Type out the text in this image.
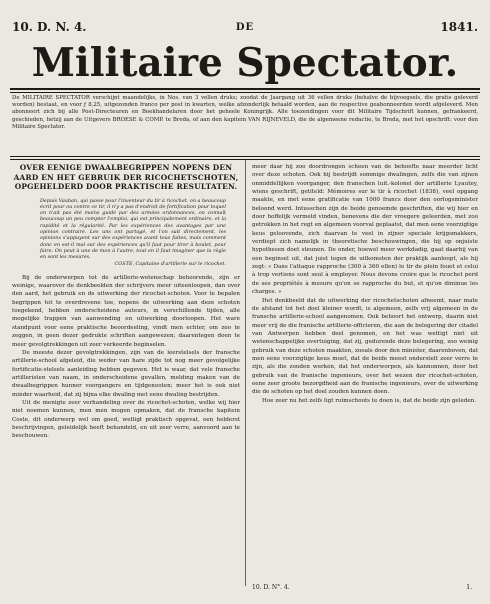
10. D. N. 4.	DE	1841.
Militaire Spectator.
De MILITAIRE SPECTATOR verschijnt maandelijks, in Nos. van 3 vellen druks; zoodat de Jaargang uit 36 vellen druks (behalve de bijvoegsels, die gratis geleverd worden) bestaat, en voor ƒ 8,25, uitgezonden franco per post in kwarten, welke afzonderlijk betaald worden, aan de respective geabonneerden wordt afgeleverd. Men abonneert zich bij alle Post-Directeuren en Boekhandelaren door het geheele Koningrijk. Alle toezendingen voor dit Militaire Tijdschrift kunnen, gefrankeerd, geschieden, hetzij aan de Uitgevers BROESE & COMP. te Breda, of aan den kapitein VAN RIJNEVELD, die de algemeene redactie, te Breda, met het opschrift: voor den Militaire Spectator.
OVER EENIGE DWAALBEGRIPPEN NOPENS DEN AARD EN HET GEBRUIK DER RICOCHETSCHOTEN, OPGEHELDERD DOOR PRAKTISCHE RESULTATEN.
Depuis Vauban, qui passe pour l'inventeur du tir à ricochet, on a beaucoup écrit pour ou contre ce tir, il n'y a pas d'endroit de fortification pour lequel on n'ait pas été moins guidé par des armées ordonnances, on connaît beaucoup un peu compter l'emploi, qui est principalement ordinaire, et la rapidité et la régularité. Par les expériences des avantages par une opinion contraire. Les uns ont partagé, et l'on sait directement, les opinions s'appuyent sur des expériences avant tous faites, mais comment donc en est-il mal sur des expériences qu'il faut pour tirer à boulet, pour faire. On peut à une de mon à l'autre, tout en il faut imaginer que la règle en sont les mesures.
COSTE, Capitaine d'artillerie sur le ricochet.

Bij de onderwerpen tot de artillerie-wetenschap behoorende, zijn er weinige, waarover de denkbeelden der schrijvers meer uiteenloopen, dan over den aard, het gebruik en de uitwerking der ricochet-schoten. Voor te bepalen begrippen tot te overdrevene toe, nopens de uitwerking aan deze schoten toegekend, hebben onderscheidene auteurs, in verschillende tijden, alle mogelijke trappen van aanwending en uitwerking doorloopen. Het ware standpunt voor eene praktische beoordeeling, vindt men echter, om zoo te zeggen, in geen dezer gedrukte schriften aangewezen; daarentegen doen te meer gevolgtrekkingen uit zeer verkeerde beginselen.

De meeste dezer gevolgtrekkingen, zijn van de leerstelsels der fransche artillerie-school afgeleid, die weder van hare zijde tot nog meer gevolgelijke fortificatie-stelsels aanleiding hebben gegeven. Het is waar, dat vele fransche artilleristen van naam, in onderscheidene gevallen, melding maken van de dwaalbegrippen hunner voorgangers en tijdgenooten; meer het is ook niet minder waarheid, dat zij bijna elke dwaling met eene dwaling bestrijden.

Uit de menigte zeer verhandeling over de ricochet-schoten, welke wij hier niet noemen kunnen, men men mogen opmaken, dat de fransche kapitein Coste, dit onderwerp wel om goed, wetligt praktisch opgevat, een helderst beschrijvingen, geleidelijk heeft behandeld, en uit zeer verre, aanvoord aan te beschouwen.

meer daar hij zoo doordrongen scheen van de behoefte naar meerder licht over deze schoten. Ook hij bestrijdt sommige dwalingen, zelfs die van zijnen onmiddellijken voorganger, den franschen luit.-kolonel der artillerie Lyautey, wiens geschrift, getiteld: Mémoires sur le tir à ricochet (1838), veel opgang maakte, en met eene gratificatie van 1000 francs door den oorlogsminister beloond werd. Intusschen zijn de beide genoemde geschriften, die wij hier en door hoffelijk vermeld vinden, benevens die der vroegere geleerden, met zoo getrokken in het regt en algemeen voorval geplaatst, dat men eene voorzigtige keus geloovende, zich daarvan te veel in zijner speciale krijgsmakkers, verdiept zich namelijk in theoretische beschouwingen, die hij op onjuiste hypothesen doet steunen. De onder, hoewel meer werkdadig, gaat daarbij van een beginsel uit, dat juist tegen de uitkomsten der praktijk aanloopt, als hij zegt: « Dans l'attaque rapproche (300 à 360 ellen) le tir de plein fouet et celui à trop vertiens sont seul à employer. Nous devons croire que le ricochet perd de ses propriétés à mesure qu'on se rapproche du but, et qu'on diminue les charges. »

Het denkbeeld dat de uitwerking der ricochetschoten afneemt, naar mate de afstand tot het doel kleiner wordt, is algemeen, zelfs vrij algemeen in de fransche artillerie-school aangenomen. Ook behoort het ontwerp, daarin niet meer vrij de die franische artillerie-officieren, die aan de belegering der citadel van Antwerpen hebben deel genomen, en het was wettigt niet uit wetenschappelijke overtuiging, dat zij, gedurende deze belegering, zoo weinig gebruik van deze schoten maakten, zooals door den minister, daarenboven, dat men eene voorzigtige keus moet, dat de beide meest onderstelt zeer verre te zijn, als die zouden werken, dat het onderworpen, als kannonnen, door het gebruik van de franische ingenieurs, over het wezen der ricochet-schoten, eene zeer groote bezorgdheid aan de franische ingenieurs, over de uitwerking die de schoten op het doel zouden kunnen doen.

Hoe zeer nu het zelfs ligt ruimschoots te doen is, dat de beide zijn geleden.

10. D. N°. 4.	1.
